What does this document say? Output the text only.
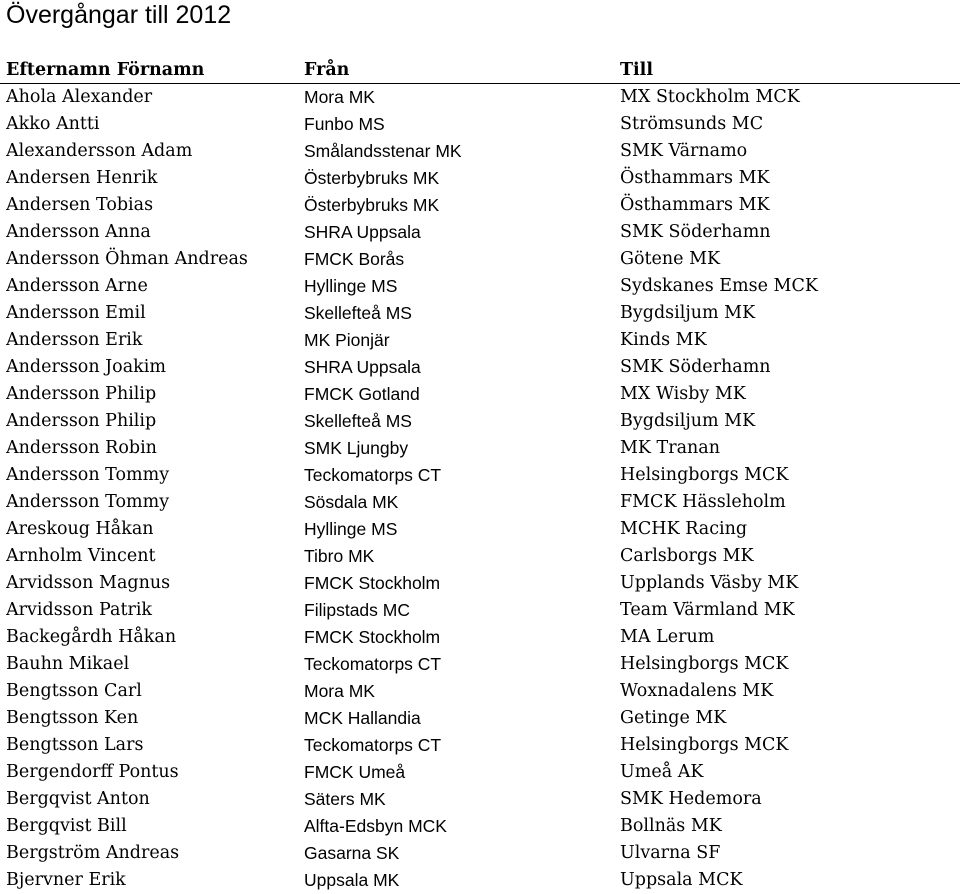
Övergångar till 2012
Efternamn Förnamn	Från	Till
Ahola Alexander	Mora MK	MX Stockholm MCK
Akko Antti	Funbo MS	Strömsunds MC
Alexandersson Adam	Smålandsstenar MK	SMK Värnamo
Andersen Henrik	Österbybruks MK	Östhammars MK
Andersen Tobias	Österbybruks MK	Östhammars MK
Andersson Anna	SHRA Uppsala	SMK Söderhamn
Andersson Öhman Andreas	FMCK Borås	Götene MK
Andersson Arne	Hyllinge MS	Sydskanes Emse MCK
Andersson Emil	Skellefteå MS	Bygdsiljum MK
Andersson Erik	MK Pionjär	Kinds MK
Andersson Joakim	SHRA Uppsala	SMK Söderhamn
Andersson Philip	FMCK Gotland	MX Wisby MK
Andersson Philip	Skellefteå MS	Bygdsiljum MK
Andersson Robin	SMK Ljungby	MK Tranan
Andersson Tommy	Teckomatorps CT	Helsingborgs MCK
Andersson Tommy	Sösdala MK	FMCK Hässleholm
Areskoug Håkan	Hyllinge MS	MCHK Racing
Arnholm Vincent	Tibro MK	Carlsborgs MK
Arvidsson Magnus	FMCK Stockholm	Upplands Väsby MK
Arvidsson Patrik	Filipstads MC	Team Värmland MK
Backegårdh Håkan	FMCK Stockholm	MA Lerum
Bauhn Mikael	Teckomatorps CT	Helsingborgs MCK
Bengtsson Carl	Mora MK	Woxnadalens MK
Bengtsson Ken	MCK Hallandia	Getinge MK
Bengtsson Lars	Teckomatorps CT	Helsingborgs MCK
Bergendorff Pontus	FMCK Umeå	Umeå AK
Bergqvist Anton	Säters MK	SMK Hedemora
Bergqvist Bill	Alfta-Edsbyn MCK	Bollnäs MK
Bergström Andreas	Gasarna SK	Ulvarna SF
Bjervner Erik	Uppsala MK	Uppsala MCK
